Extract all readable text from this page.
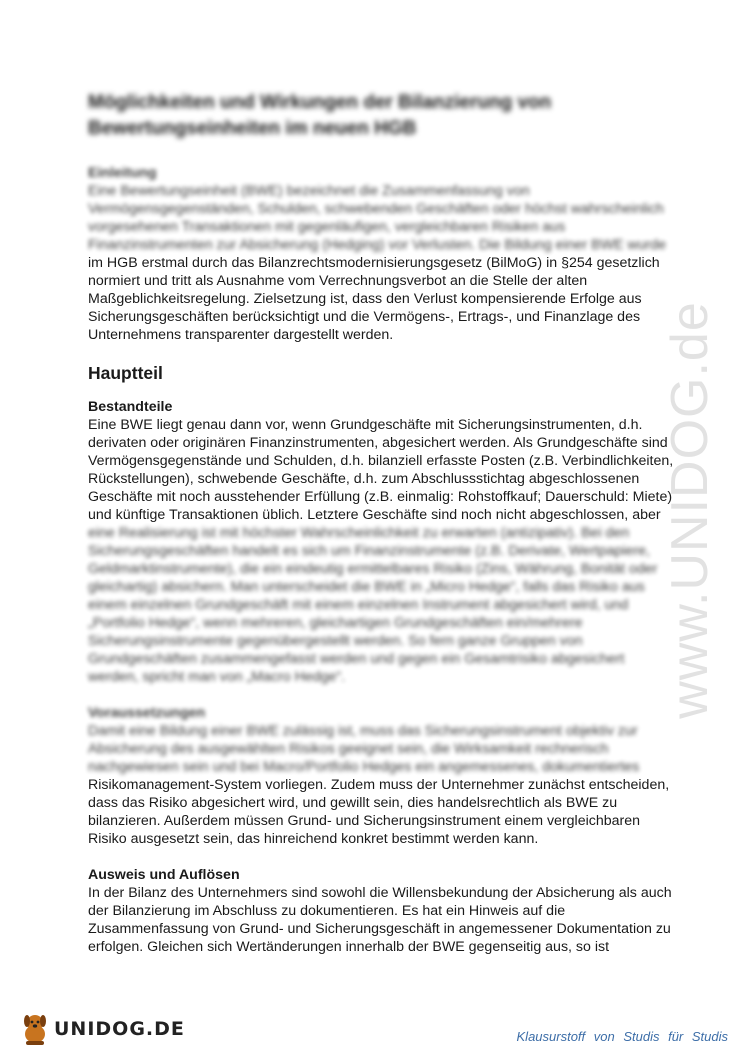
www.UNIDOG.de
Möglichkeiten und Wirkungen der Bilanzierung von
Bewertungseinheiten im neuen HGB
Einleitung
Eine Bewertungseinheit (BWE) bezeichnet die Zusammenfassung von
Vermögensgegenständen, Schulden, schwebenden Geschäften oder höchst wahrscheinlich
vorgesehenen Transaktionen mit gegenläufigen, vergleichbaren Risiken aus
Finanzinstrumenten zur Absicherung (Hedging) vor Verlusten. Die Bildung einer BWE wurde
im HGB erstmal durch das Bilanzrechtsmodernisierungsgesetz (BilMoG) in §254 gesetzlich
normiert und tritt als Ausnahme vom Verrechnungsverbot an die Stelle der alten
Maßgeblichkeitsregelung. Zielsetzung ist, dass den Verlust kompensierende Erfolge aus
Sicherungsgeschäften berücksichtigt und die Vermögens-, Ertrags-, und Finanzlage des
Unternehmens transparenter dargestellt werden.
Hauptteil
Bestandteile
Eine BWE liegt genau dann vor, wenn Grundgeschäfte mit Sicherungsinstrumenten, d.h.
derivaten oder originären Finanzinstrumenten, abgesichert werden. Als Grundgeschäfte sind
Vermögensgegenstände und Schulden, d.h. bilanziell erfasste Posten (z.B. Verbindlichkeiten,
Rückstellungen), schwebende Geschäfte, d.h. zum Abschlussstichtag abgeschlossenen
Geschäfte mit noch ausstehender Erfüllung (z.B. einmalig: Rohstoffkauf; Dauerschuld: Miete)
und künftige Transaktionen üblich. Letztere Geschäfte sind noch nicht abgeschlossen, aber
eine Realisierung ist mit höchster Wahrscheinlichkeit zu erwarten (antizipativ). Bei den
Sicherungsgeschäften handelt es sich um Finanzinstrumente (z.B. Derivate, Wertpapiere,
Geldmarktinstrumente), die ein eindeutig ermittelbares Risiko (Zins, Währung, Bonität oder
gleichartig) absichern. Man unterscheidet die BWE in „Micro Hedge“, falls das Risiko aus
einem einzelnen Grundgeschäft mit einem einzelnen Instrument abgesichert wird, und
„Portfolio Hedge“, wenn mehreren, gleichartigen Grundgeschäften ein/mehrere
Sicherungsinstrumente gegenübergestellt werden. So fern ganze Gruppen von
Grundgeschäften zusammengefasst werden und gegen ein Gesamtrisiko abgesichert
werden, spricht man von „Macro Hedge“.
Voraussetzungen
Damit eine Bildung einer BWE zulässig ist, muss das Sicherungsinstrument objektiv zur
Absicherung des ausgewählten Risikos geeignet sein, die Wirksamkeit rechnerisch
nachgewiesen sein und bei Macro/Portfolio Hedges ein angemessenes, dokumentiertes
Risikomanagement-System vorliegen. Zudem muss der Unternehmer zunächst entscheiden,
dass das Risiko abgesichert wird, und gewillt sein, dies handelsrechtlich als BWE zu
bilanzieren. Außerdem müssen Grund- und Sicherungsinstrument einem vergleichbaren
Risiko ausgesetzt sein, das hinreichend konkret bestimmt werden kann.
Ausweis und Auflösen
In der Bilanz des Unternehmers sind sowohl die Willensbekundung der Absicherung als auch
der Bilanzierung im Abschluss zu dokumentieren. Es hat ein Hinweis auf die
Zusammenfassung von Grund- und Sicherungsgeschäft in angemessener Dokumentation zu
erfolgen. Gleichen sich Wertänderungen innerhalb der BWE gegenseitig aus, so ist
UNIDOG.DE	Klausurstoff von Studis für Studis
